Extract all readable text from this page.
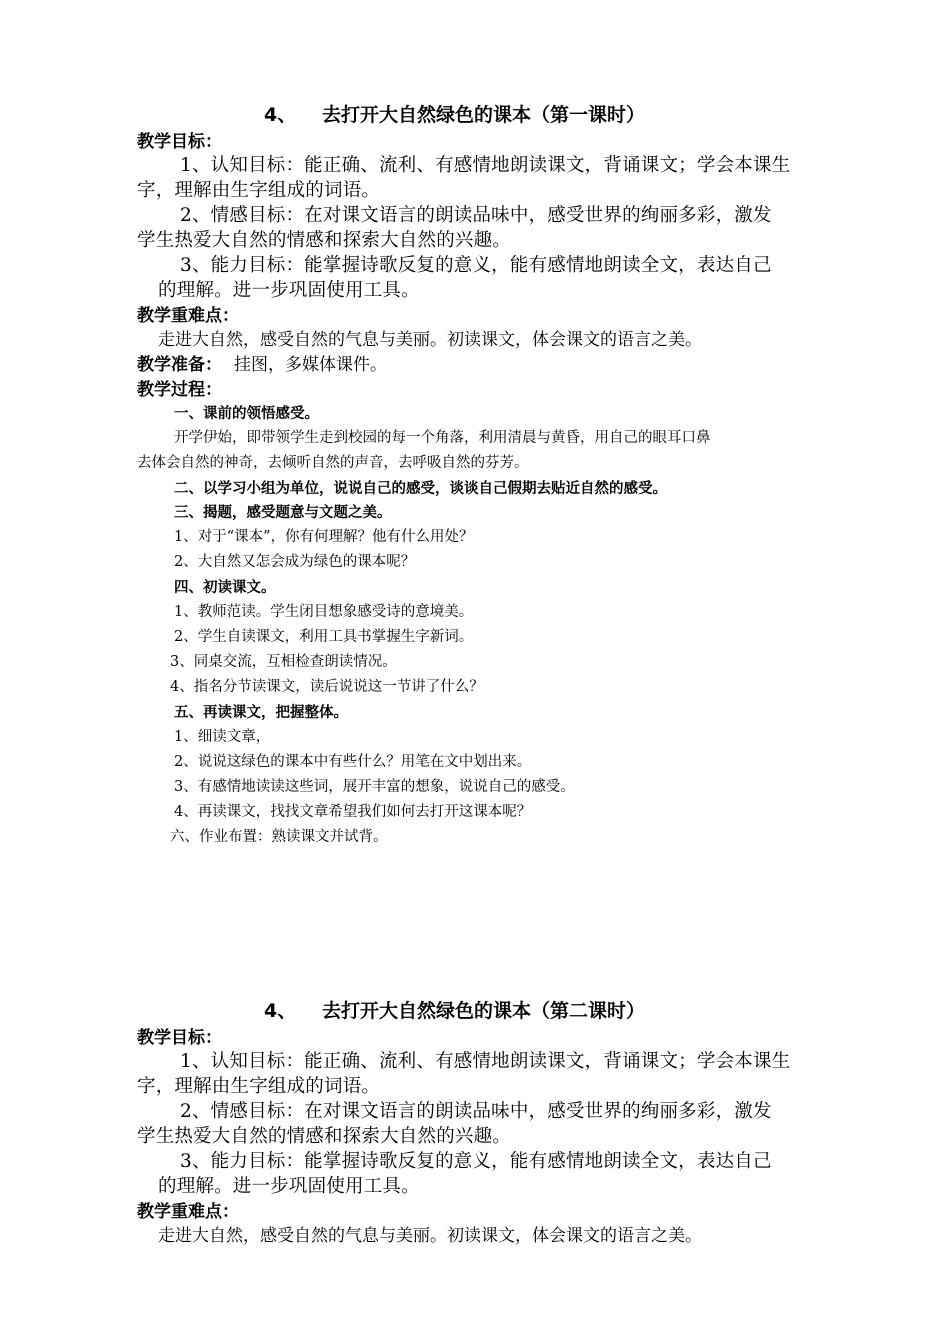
4、 去打开大自然绿色的课本（第一课时）
教学目标：
1、认知目标：能正确、流利、有感情地朗读课文，背诵课文；学会本课生
字，理解由生字组成的词语。
2、情感目标：在对课文语言的朗读品味中，感受世界的绚丽多彩，激发
学生热爱大自然的情感和探索大自然的兴趣。
3、能力目标：能掌握诗歌反复的意义，能有感情地朗读全文，表达自己
的理解。进一步巩固使用工具。
教学重难点：
走进大自然，感受自然的气息与美丽。初读课文，体会课文的语言之美。
教学准备： 挂图，多媒体课件。
教学过程：
一、课前的领悟感受。
开学伊始，即带领学生走到校园的每一个角落，利用清晨与黄昏，用自己的眼耳口鼻
去体会自然的神奇，去倾听自然的声音，去呼吸自然的芬芳。
二、以学习小组为单位，说说自己的感受，谈谈自己假期去贴近自然的感受。
三、揭题，感受题意与文题之美。
1、对于“课本”，你有何理解？他有什么用处？
2、大自然又怎会成为绿色的课本呢？
四、初读课文。
1、教师范读。学生闭目想象感受诗的意境美。
2、学生自读课文，利用工具书掌握生字新词。
3、同桌交流，互相检查朗读情况。
4、指名分节读课文，读后说说这一节讲了什么？
五、再读课文，把握整体。
1、细读文章，
2、说说这绿色的课本中有些什么？用笔在文中划出来。
3、有感情地读读这些词，展开丰富的想象，说说自己的感受。
4、再读课文，找找文章希望我们如何去打开这课本呢？
六、作业布置：熟读课文并试背。
4、 去打开大自然绿色的课本（第二课时）
教学目标：
1、认知目标：能正确、流利、有感情地朗读课文，背诵课文；学会本课生
字，理解由生字组成的词语。
2、情感目标：在对课文语言的朗读品味中，感受世界的绚丽多彩，激发
学生热爱大自然的情感和探索大自然的兴趣。
3、能力目标：能掌握诗歌反复的意义，能有感情地朗读全文，表达自己
的理解。进一步巩固使用工具。
教学重难点：
走进大自然，感受自然的气息与美丽。初读课文，体会课文的语言之美。
